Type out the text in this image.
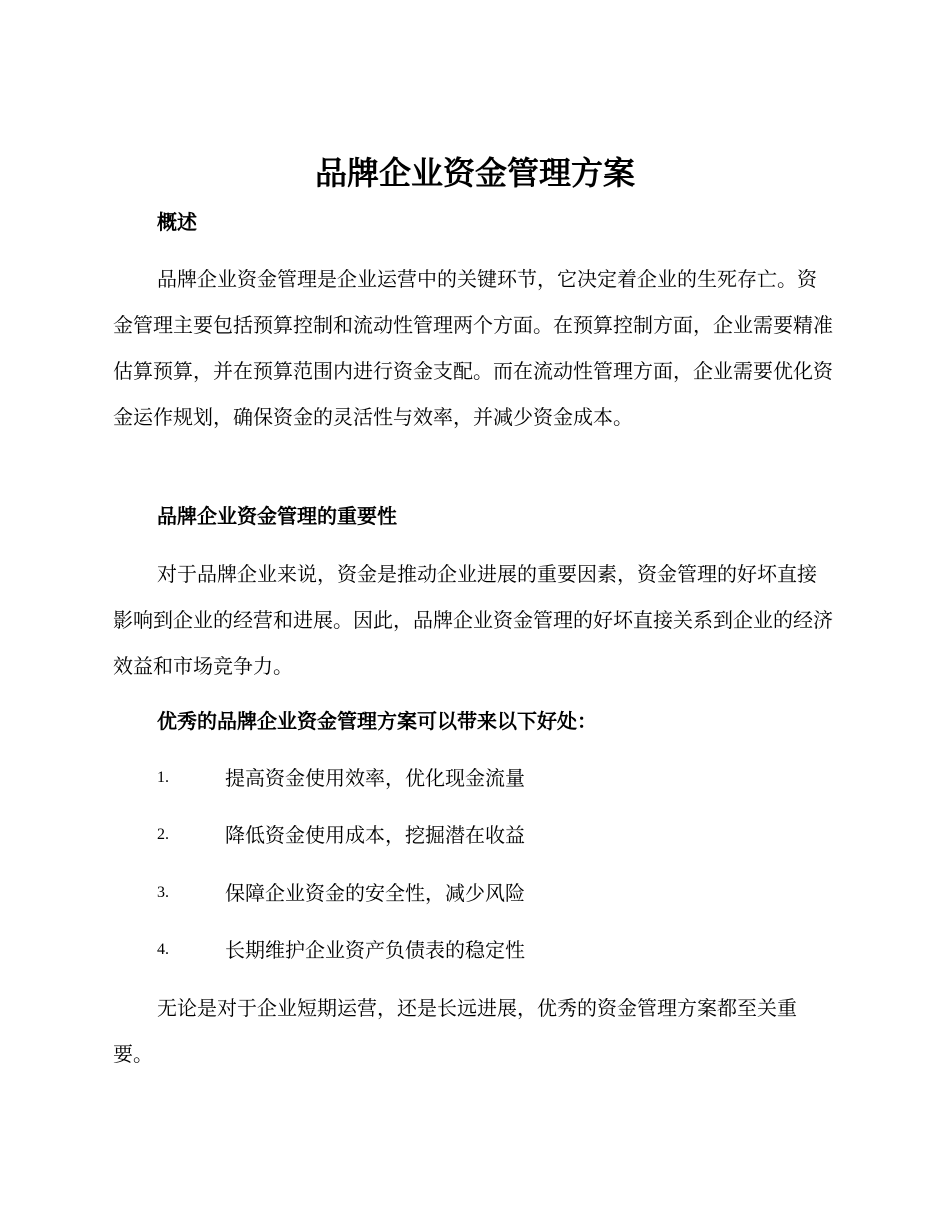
品牌企业资金管理方案
概述

品牌企业资金管理是企业运营中的关键环节，它决定着企业的生死存亡。资金管理主要包括预算控制和流动性管理两个方面。在预算控制方面，企业需要精准估算预算，并在预算范围内进行资金支配。而在流动性管理方面，企业需要优化资金运作规划，确保资金的灵活性与效率，并减少资金成本。

品牌企业资金管理的重要性

对于品牌企业来说，资金是推动企业进展的重要因素，资金管理的好坏直接影响到企业的经营和进展。因此，品牌企业资金管理的好坏直接关系到企业的经济效益和市场竞争力。

优秀的品牌企业资金管理方案可以带来以下好处：
1.	提高资金使用效率，优化现金流量
2.	降低资金使用成本，挖掘潜在收益
3.	保障企业资金的安全性，减少风险
4.	长期维护企业资产负债表的稳定性

无论是对于企业短期运营，还是长远进展，优秀的资金管理方案都至关重要。
